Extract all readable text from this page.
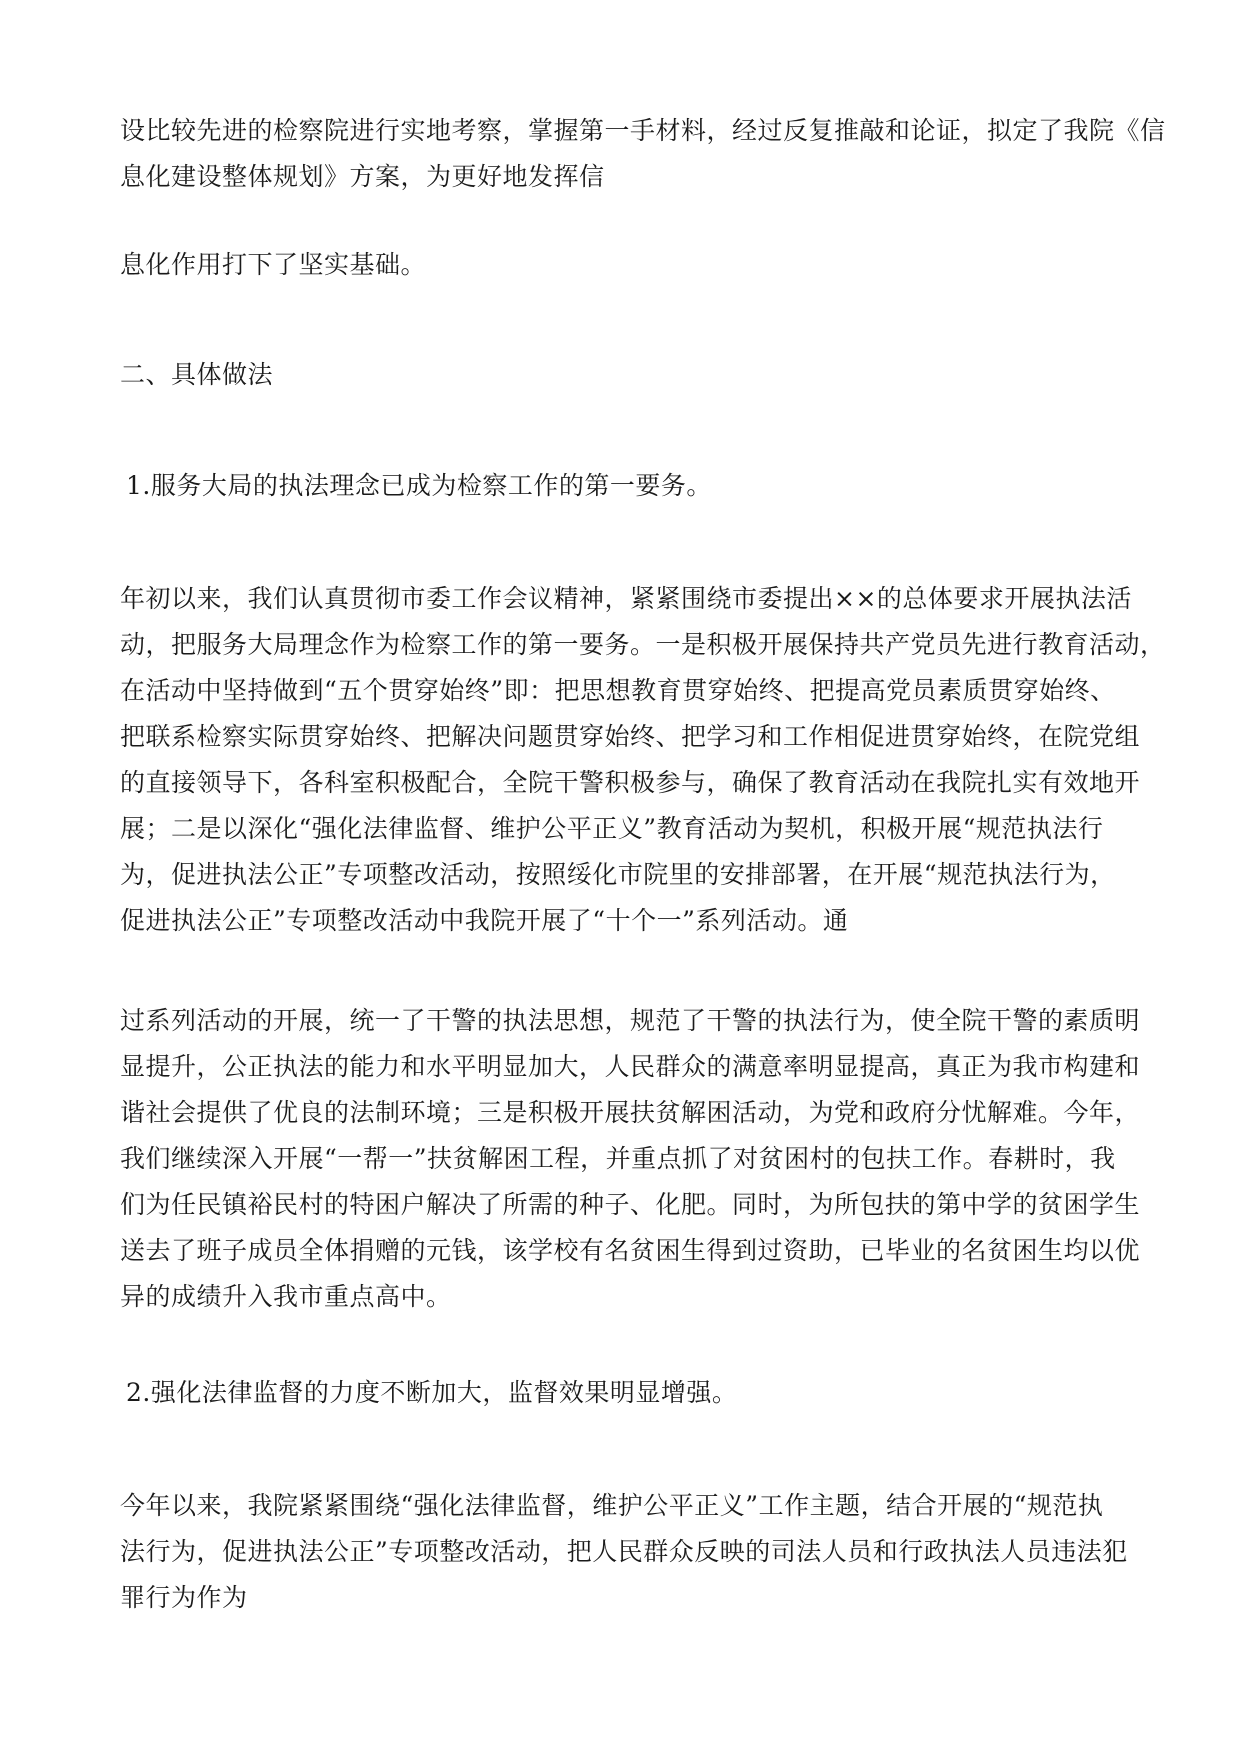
设比较先进的检察院进行实地考察，掌握第一手材料，经过反复推敲和论证，拟定了我院《信
息化建设整体规划》方案，为更好地发挥信
息化作用打下了坚实基础。
二、具体做法
1.服务大局的执法理念已成为检察工作的第一要务。
年初以来，我们认真贯彻市委工作会议精神，紧紧围绕市委提出××的总体要求开展执法活
动，把服务大局理念作为检察工作的第一要务。一是积极开展保持共产党员先进行教育活动，
在活动中坚持做到“五个贯穿始终”即：把思想教育贯穿始终、把提高党员素质贯穿始终、
把联系检察实际贯穿始终、把解决问题贯穿始终、把学习和工作相促进贯穿始终，在院党组
的直接领导下，各科室积极配合，全院干警积极参与，确保了教育活动在我院扎实有效地开
展；二是以深化“强化法律监督、维护公平正义”教育活动为契机，积极开展“规范执法行
为，促进执法公正”专项整改活动，按照绥化市院里的安排部署，在开展“规范执法行为，
促进执法公正”专项整改活动中我院开展了“十个一”系列活动。通
过系列活动的开展，统一了干警的执法思想，规范了干警的执法行为，使全院干警的素质明
显提升，公正执法的能力和水平明显加大，人民群众的满意率明显提高，真正为我市构建和
谐社会提供了优良的法制环境；三是积极开展扶贫解困活动，为党和政府分忧解难。今年，
我们继续深入开展“一帮一”扶贫解困工程，并重点抓了对贫困村的包扶工作。春耕时，我
们为任民镇裕民村的特困户解决了所需的种子、化肥。同时，为所包扶的第中学的贫困学生
送去了班子成员全体捐赠的元钱，该学校有名贫困生得到过资助，已毕业的名贫困生均以优
异的成绩升入我市重点高中。
2.强化法律监督的力度不断加大，监督效果明显增强。
今年以来，我院紧紧围绕“强化法律监督，维护公平正义”工作主题，结合开展的“规范执
法行为，促进执法公正”专项整改活动，把人民群众反映的司法人员和行政执法人员违法犯
罪行为作为
